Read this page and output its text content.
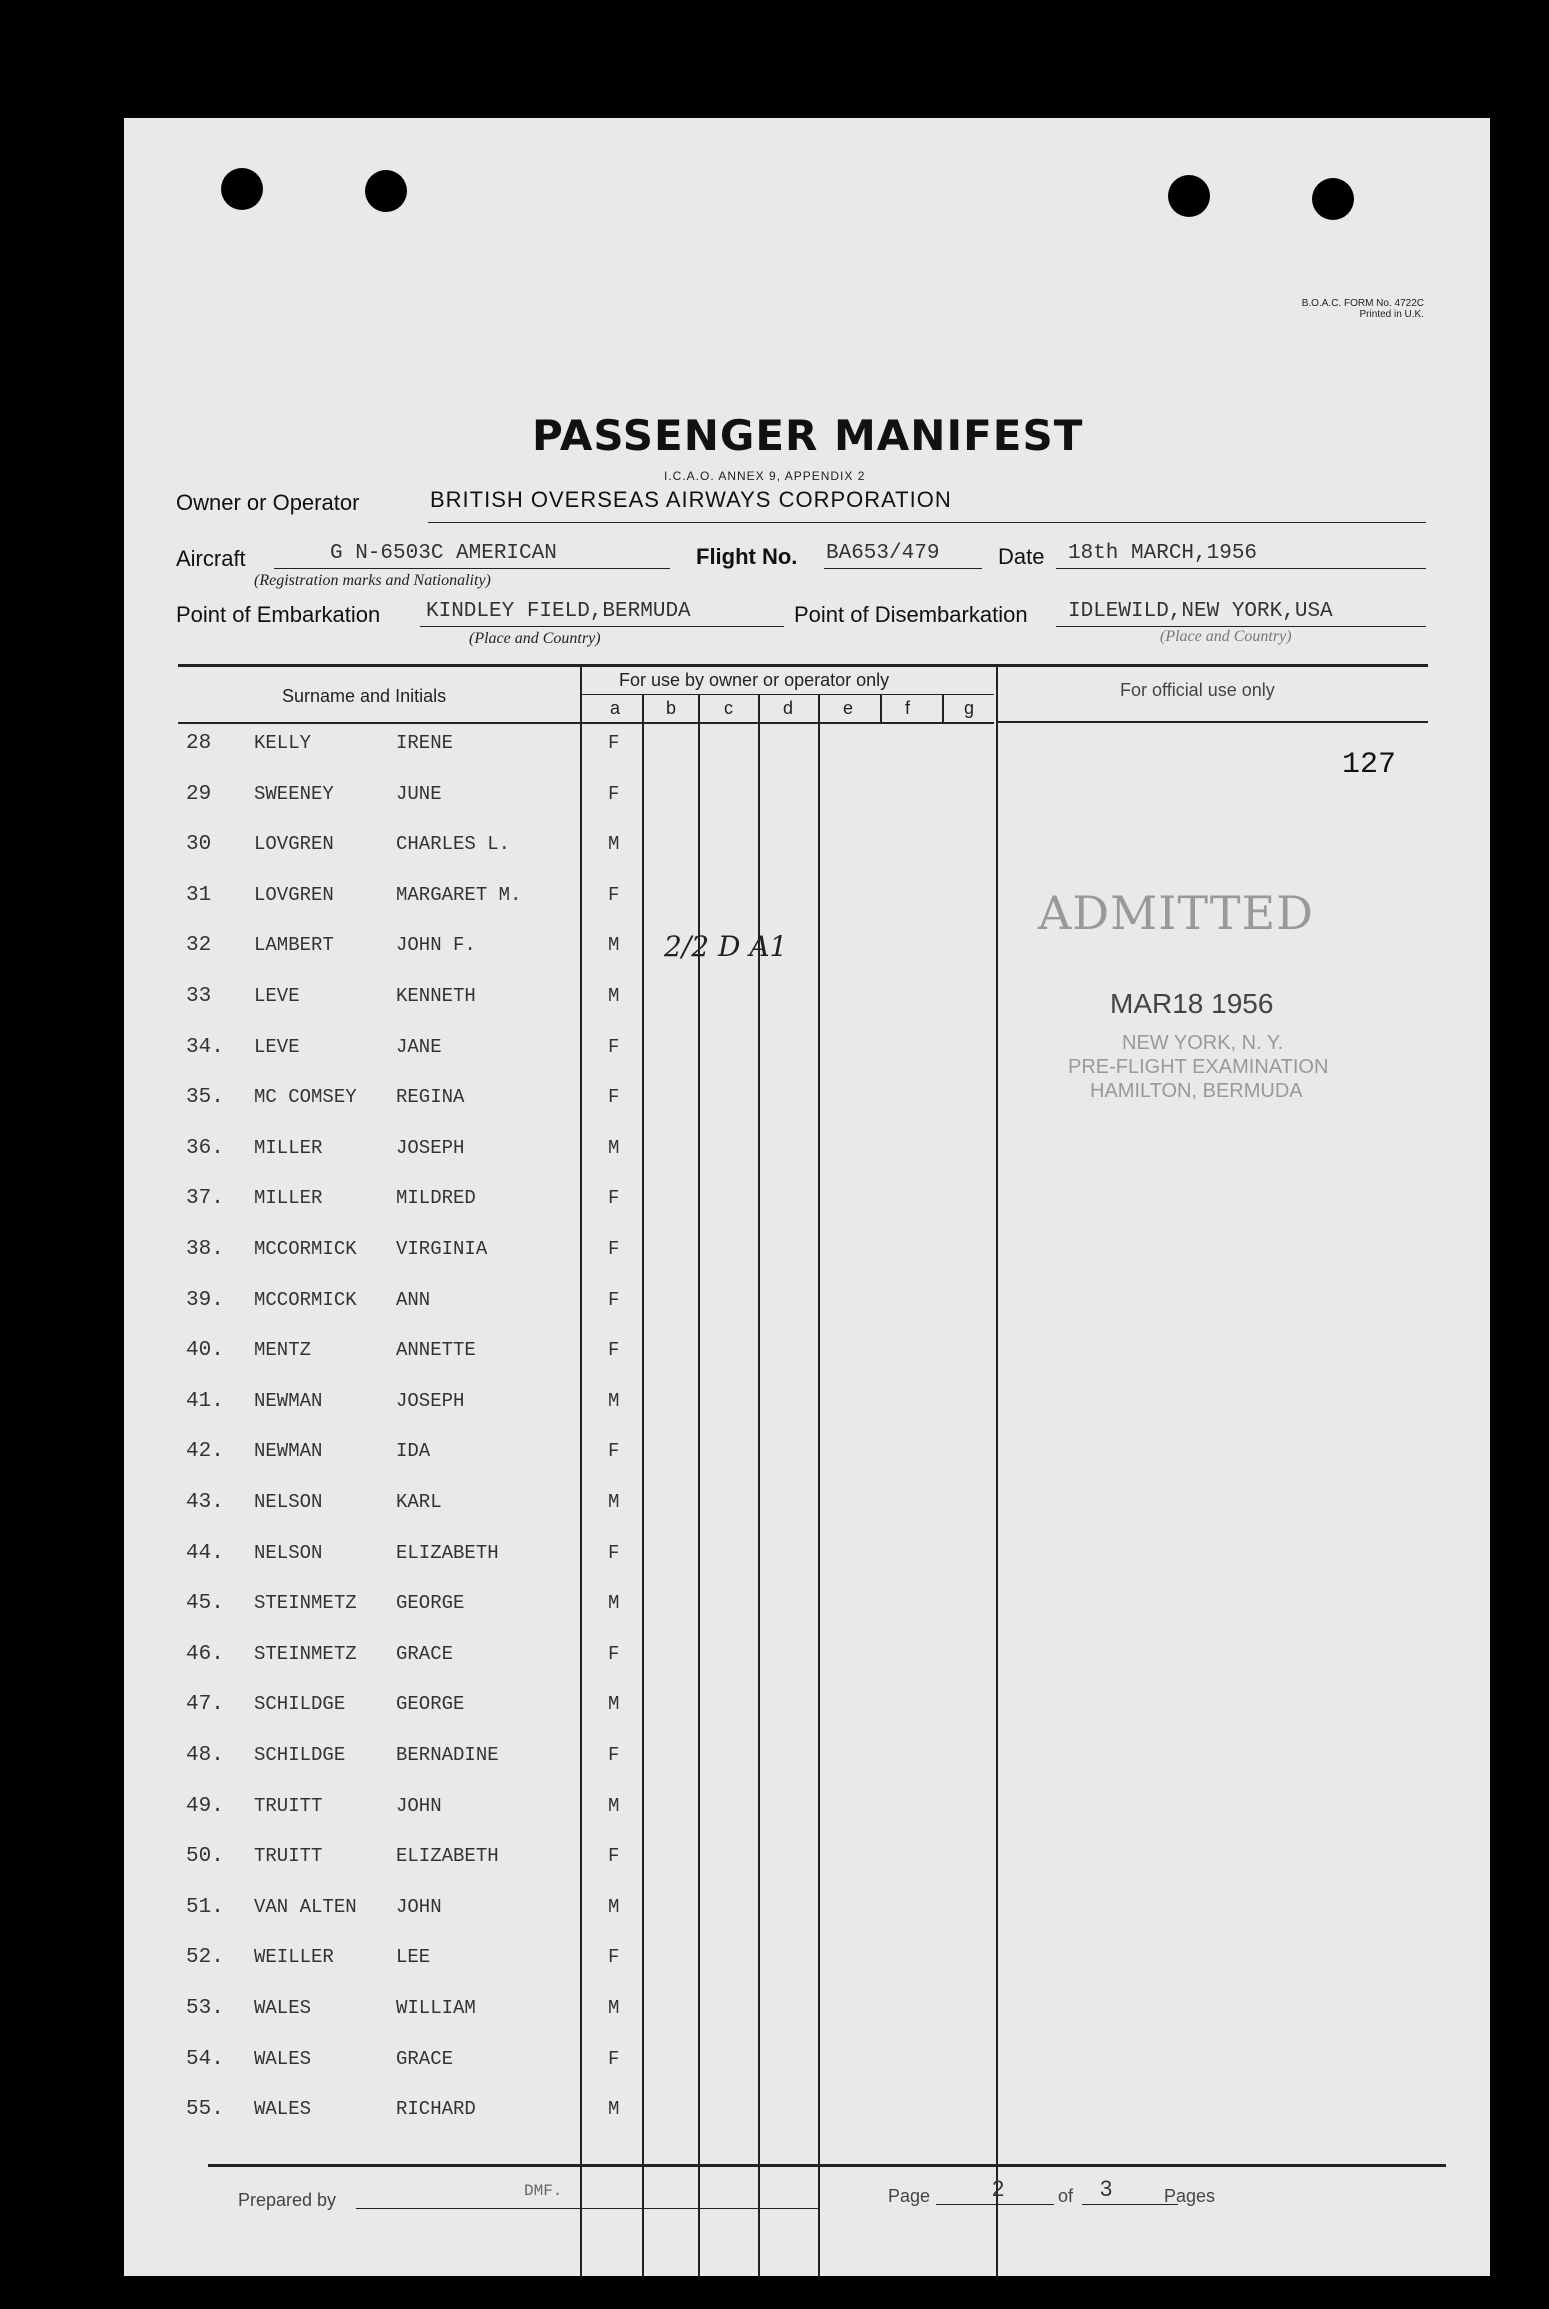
B.O.A.C. FORM No. 4722C
Printed in U.K.
PASSENGER MANIFEST
I.C.A.O. ANNEX 9, APPENDIX 2
Owner or Operator	BRITISH OVERSEAS AIRWAYS CORPORATION
Aircraft	G N-6503C AMERICAN
(Registration marks and Nationality)
Flight No. BA653/479	Date 18th MARCH,1956
Point of Embarkation KINDLEY FIELD,BERMUDA
(Place and Country)
Point of Disembarkation IDLEWILD,NEW YORK,USA
(Place and Country)
Surname and Initials
For use by owner or operator only	For official use only
a	b	c	d	e	f	g
28 KELLY	IRENE	F
29 SWEENEY	JUNE	F
30 LOVGREN	CHARLES L.	M
31 LOVGREN	MARGARET M.	F
32 LAMBERT	JOHN F.	M
33 LEVE	KENNETH	M
34. LEVE	JANE	F
35. MC COMSEY REGINA	F
36. MILLER	JOSEPH	M
37. MILLER	MILDRED	F
38. MCCORMICK VIRGINIA	F
39. MCCORMICK ANN	F
40. MENTZ	ANNETTE	F
41. NEWMAN	JOSEPH	M
42. NEWMAN	IDA	F
43. NELSON	KARL	M
44. NELSON	ELIZABETH	F
45. STEINMETZ GEORGE	M
46. STEINMETZ GRACE	F
47. SCHILDGE	GEORGE	M
48. SCHILDGE	BERNADINE	F
49. TRUITT	JOHN	M
50. TRUITT	ELIZABETH	F
51. VAN ALTEN JOHN	M
52. WEILLER	LEE	F
53. WALES	WILLIAM	M
54. WALES	GRACE	F
55. WALES	RICHARD	M
127
ADMITTED
MAR18 1956
NEW YORK, N. Y.
PRE-FLIGHT EXAMINATION
HAMILTON, BERMUDA
2/2 D A1
Prepared by	DMF.	Page	2	of 3	Pages
